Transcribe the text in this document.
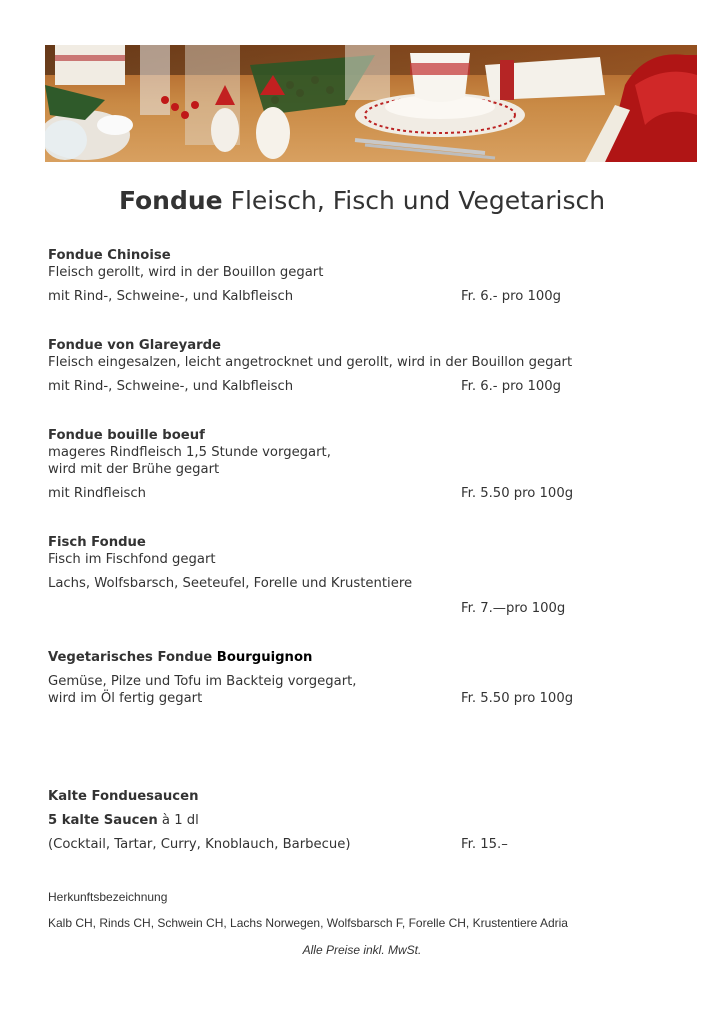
Fondue Fleisch, Fisch und Vegetarisch
Fondue Chinoise
Fleisch gerollt, wird in der Bouillon gegart
mit Rind-, Schweine-, und Kalbfleisch	Fr. 6.- pro 100g
Fondue von Glareyarde
Fleisch eingesalzen, leicht angetrocknet und gerollt, wird in der Bouillon gegart
mit Rind-, Schweine-, und Kalbfleisch	Fr. 6.- pro 100g
Fondue bouille boeuf
mageres Rindfleisch 1,5 Stunde vorgegart,
wird mit der Brühe gegart
mit Rindfleisch	Fr. 5.50 pro 100g
Fisch Fondue
Fisch im Fischfond gegart
Lachs, Wolfsbarsch, Seeteufel, Forelle und Krustentiere
Fr. 7.—pro 100g
Vegetarisches Fondue Bourguignon
Gemüse, Pilze und Tofu im Backteig vorgegart,
wird im Öl fertig gegart	Fr. 5.50 pro 100g
Kalte Fonduesaucen
5 kalte Saucen à 1 dl
(Cocktail, Tartar, Curry, Knoblauch, Barbecue)	Fr. 15.–
Herkunftsbezeichnung
Kalb CH, Rinds CH, Schwein CH, Lachs Norwegen, Wolfsbarsch F, Forelle CH, Krustentiere Adria
Alle Preise inkl. MwSt.
